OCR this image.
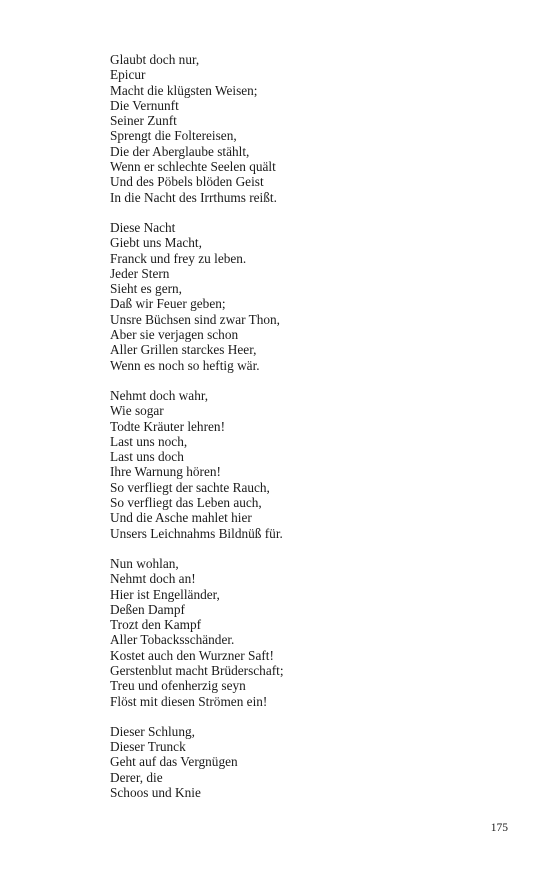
Glaubt doch nur,
Epicur
Macht die klügsten Weisen;
Die Vernunft
Seiner Zunft
Sprengt die Foltereisen,
Die der Aberglaube stählt,
Wenn er schlechte Seelen quält
Und des Pöbels blöden Geist
In die Nacht des Irrthums reißt.
Diese Nacht
Giebt uns Macht,
Franck und frey zu leben.
Jeder Stern
Sieht es gern,
Daß wir Feuer geben;
Unsre Büchsen sind zwar Thon,
Aber sie verjagen schon
Aller Grillen starckes Heer,
Wenn es noch so heftig wär.
Nehmt doch wahr,
Wie sogar
Todte Kräuter lehren!
Last uns noch,
Last uns doch
Ihre Warnung hören!
So verfliegt der sachte Rauch,
So verfliegt das Leben auch,
Und die Asche mahlet hier
Unsers Leichnahms Bildnüß für.
Nun wohlan,
Nehmt doch an!
Hier ist Engelländer,
Deßen Dampf
Trozt den Kampf
Aller Tobacksschänder.
Kostet auch den Wurzner Saft!
Gerstenblut macht Brüderschaft;
Treu und ofenherzig seyn
Flöst mit diesen Strömen ein!
Dieser Schlung,
Dieser Trunck
Geht auf das Vergnügen
Derer, die
Schoos und Knie
175
